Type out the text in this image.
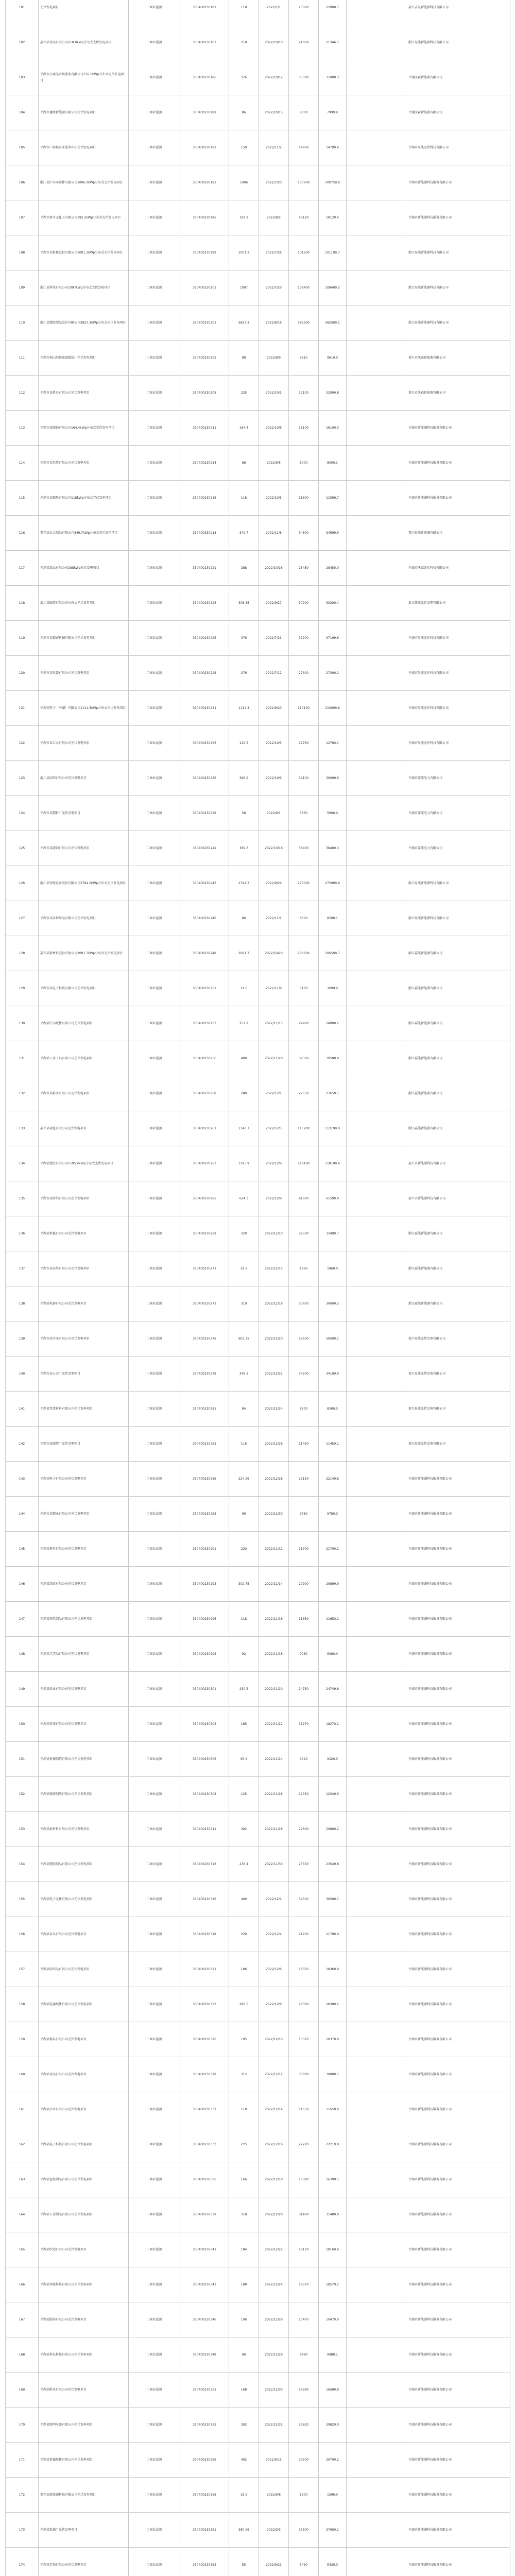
101	光伏发电项目	工商业屋顶	330400230181	118	2022/7/1	23000	22000.1		嘉兴吉民新能源科技有限公司
102	嘉兴某食品有限公司218.0kWp分布式光伏发电项目	工商业屋顶	330400230162	218	2022/10/10	21860	21346.1		浙江易能新能源科技有限公司
103	平湖市小商品市场服务有限公司376.0kWp分布式光伏发电项目	工商业屋顶	330400230186	376	2022/10/12	35000	35000.3		平湖沃森新能源有限公司
104	平湖市德胜新能源有限公司光伏发电项目	工商业屋顶	330400230188	86	2022/10/15	8000	7999.9		平湖沃森新能源有限公司
105	平湖市广陈镇农业服务中心光伏发电项目	工商业屋顶	330400230191	150	2022/11/2	14800	14799.6		平湖市易能光伏科技有限公司
106	浙江某汽车零部件有限公司1006.0kWp分布式光伏发电项目	工商业屋顶	330400230193	1006	2022/7/20	100760	100759.8		平湖市新能源科技服务有限公司
107	平湖市新开元化工有限公司192.2kWp分布式光伏发电项目	工商业屋顶	330400230196	192.2	2022/8/2	18120	18120.4		平湖市新能源科技服务有限公司
108	平湖市某机械股份有限公司1001.3kWp分布式光伏发电项目	工商业屋顶	330400230199	1001.3	2022/7/28	101200	101199.7		浙江易能新能源科技有限公司
109	浙江某科技有限公司1097kWp分布式光伏发电项目	工商业屋顶	330400230201	1097	2022/7/29	108400	108400.2		浙江易能新能源科技有限公司
110	浙江某塑胶制品股份有限公司5827.3kWp分布式光伏发电项目	工商业屋顶	330400230203	5827.3	2022/8/18	582500	582500.1		浙江易能新能源科技有限公司
111	平湖市独山港镇嘉盛服装厂光伏发电项目	工商业屋顶	330400230205	98	2022/8/9	9610	9610.0		嘉兴市沃森新能源有限公司
112	平湖市某机电有限公司光伏发电项目	工商业屋顶	330400230208	225	2022/10/1	22100	22099.8		嘉兴市沃森新能源有限公司
113	平湖市某服饰有限公司164.4kWp分布式光伏发电项目	工商业屋顶	330400230211	164.4	2022/10/8	16100	16100.3		平湖市新能源科技服务有限公司
114	平湖市某包装有限公司光伏发电项目	工商业屋顶	330400230214	86	2022/9/5	8000	8000.1		平湖市新能源科技服务有限公司
115	平湖市某箱包有限公司118kWp分布式光伏发电项目	工商业屋顶	330400230216	118	2022/10/5	11600	11599.7		平湖市新能源科技服务有限公司
116	嘉兴某五金制品有限公司349.7kWp分布式光伏发电项目	工商业屋顶	330400230218	349.7	2022/11/8	34600	34599.9		嘉兴易能新能源有限公司
117	平湖某纸品有限公司288kWp光伏发电项目	工商业屋顶	330400230221	288	2022/10/26	28450	28450.0		平湖市沃森光伏科技有限公司
118	浙江某服装有限公司分布式光伏发电项目	工商业屋顶	330400230223	306.35	2022/9/27	30200	30200.4		浙江嘉能光伏发电有限公司
119	平湖市某精密机械有限公司光伏发电项目	工商业屋顶	330400230226	376	2022/7/21	37200	37199.8		平湖市易能光伏科技有限公司
120	平湖市某电器有限公司光伏发电项目	工商业屋顶	330400230228	276	2022/7/12	27300	27300.2		平湖市易能光伏科技有限公司
121	平湖某电子（平湖）有限公司1114.3kWp分布式光伏发电项目	工商业屋顶	330400230231	1114.3	2022/9/20	110100	110099.6		平湖市易能光伏科技有限公司
122	平湖市某五金有限公司光伏发电项目	工商业屋顶	330400230233	129.5	2022/10/5	12760	12760.1		平湖市易能光伏科技有限公司
123	浙江某纺织有限公司光伏发电项目	工商业屋顶	330400230236	396.2	2022/10/9	39100	39099.9		平湖市嘉能电力有限公司
124	平湖市某塑料厂光伏发电项目	工商业屋顶	330400230238	58	2022/9/1	5660	5660.0		平湖市嘉能电力有限公司
125	平湖市某服饰有限公司光伏发电项目	工商业屋顶	330400230241	389.3	2022/10/16	38400	38400.3		平湖市嘉能电力有限公司
126	浙江某智能设备股份有限公司2794.2kWp分布式光伏发电项目	工商业屋顶	330400230243	2794.2	2022/9/29	276000	275999.8		浙江易能新能源科技有限公司
127	平湖市某家居用品有限公司光伏发电项目	工商业屋顶	330400230246	86	2022/11/1	8500	8500.1		浙江易能新能源科技有限公司
128	嘉兴某新材料股份有限公司2091.7kWp分布式光伏发电项目	工商业屋顶	330400230248	2091.7	2022/10/20	206600	206599.7		浙江嘉能新能源有限公司
129	平湖市某电子科技有限公司光伏发电项目	工商业屋顶	330400230251	31.6	2022/11/8	3100	3099.9		浙江嘉能新能源有限公司
130	平湖某汽车配件有限公司光伏发电项目	工商业屋顶	330400230253	252.2	2022/11/15	24900	24900.2		浙江嘉能新能源有限公司
131	平湖某五金工具有限公司光伏发电项目	工商业屋顶	330400230256	400	2022/11/20	39500	39500.0		浙江嘉能新能源有限公司
132	平湖市某鞋业有限公司光伏发电项目	工商业屋顶	330400230258	280	2022/12/1	27650	27650.1		浙江嘉能新能源有限公司
133	嘉兴某箱包有限公司光伏发电项目	工商业屋顶	330400230261	1146.7	2022/12/5	113200	113199.8		浙江嘉能新能源有限公司
134	平湖某塑胶有限公司1195.9kWp分布式光伏发电项目	工商业屋顶	330400230263	1195.9	2022/12/6	118100	118100.4		嘉兴市新能源科技有限公司
135	平湖市某纺织有限公司光伏发电项目	工商业屋顶	330400230266	624.3	2022/12/8	61600	61599.9		嘉兴市新能源科技有限公司
136	平湖某机械有限公司光伏发电项目	工商业屋顶	330400230268	329	2022/12/10	32500	32499.7		浙江嘉能新能源有限公司
137	平湖市某家纺有限公司光伏发电项目	工商业屋顶	330400230271	18.9	2022/12/15	1860	1860.0		浙江嘉能新能源有限公司
138	平湖某电器有限公司光伏发电项目	工商业屋顶	330400230273	310	2022/12/18	30600	30600.2		浙江嘉能新能源有限公司
139	平湖市某实业有限公司光伏发电项目	工商业屋顶	330400230276	602.35	2022/12/20	59500	59500.1		嘉兴易能光伏发电有限公司
140	平湖市某五金厂光伏发电项目	工商业屋顶	330400230278	346.3	2022/12/22	34200	34199.9		嘉兴易能光伏发电有限公司
141	平湖某包装材料有限公司光伏发电项目	工商业屋顶	330400230281	84	2022/12/24	8300	8300.0		嘉兴易能光伏发电有限公司
142	平湖市某服装厂光伏发电项目	工商业屋顶	330400230283	116	2022/12/26	11450	11450.1		嘉兴易能光伏发电有限公司
143	平湖某电子有限公司光伏发电项目	工商业屋顶	330400230286	224.36	2022/12/28	22150	22149.8		平湖市新能源科技服务有限公司
144	平湖市某塑业有限公司光伏发电项目	工商业屋顶	330400230288	99	2022/12/30	9780	9780.0		平湖市新能源科技服务有限公司
145	平湖某机电有限公司光伏发电项目	工商业屋顶	330400230291	220	2022/11/12	21700	21700.2		平湖市新能源科技服务有限公司
146	平湖某制衣有限公司光伏发电项目	工商业屋顶	330400230293	302.75	2022/11/14	29900	29899.9		平湖市新能源科技服务有限公司
147	平湖某箱包制品有限公司光伏发电项目	工商业屋顶	330400230296	118	2022/11/16	11650	11650.1		平湖市新能源科技服务有限公司
148	平湖某工艺品有限公司光伏发电项目	工商业屋顶	330400230298	92	2022/11/18	9080	9080.0		平湖市新能源科技服务有限公司
149	平湖某纸业有限公司光伏发电项目	工商业屋顶	330400230301	250.5	2022/11/20	24750	24749.8		平湖市新能源科技服务有限公司
150	平湖某科技有限公司光伏发电项目	工商业屋顶	330400230303	185	2022/11/22	18270	18270.1		平湖市新能源科技服务有限公司
151	平湖某机械制造有限公司光伏发电项目	工商业屋顶	330400230306	95.4	2022/11/24	9420	9420.0		平湖市新能源科技服务有限公司
152	平湖某精密制造有限公司光伏发电项目	工商业屋顶	330400230308	125	2022/11/26	12350	12349.9		平湖市新能源科技服务有限公司
153	平湖某新材料有限公司光伏发电项目	工商业屋顶	330400230311	302	2022/11/28	29800	29800.2		平湖市新能源科技服务有限公司
154	平湖某塑胶制品有限公司光伏发电项目	工商业屋顶	330400230313	238.4	2022/11/30	23550	23549.8		平湖市新能源科技服务有限公司
155	平湖某电子元件有限公司光伏发电项目	工商业屋顶	330400230316	400	2022/12/2	39500	39500.1		平湖市新能源科技服务有限公司
156	平湖某家具有限公司光伏发电项目	工商业屋顶	330400230318	220	2022/12/4	21700	21700.0		平湖市新能源科技服务有限公司
157	平湖某纺织品有限公司光伏发电项目	工商业屋顶	330400230321	186	2022/12/6	18370	18369.9		平湖市新能源科技服务有限公司
158	平湖某电器配件有限公司光伏发电项目	工商业屋顶	330400230323	286.5	2022/12/8	28300	28300.2		平湖市新能源科技服务有限公司
159	平湖某模具有限公司光伏发电项目	工商业屋顶	330400230326	105	2022/12/10	10370	10370.0		平湖市新能源科技服务有限公司
160	平湖某食品有限公司光伏发电项目	工商业屋顶	330400230328	312	2022/12/12	30800	30800.1		平湖市新能源科技服务有限公司
161	平湖某实业有限公司光伏发电项目	工商业屋顶	330400230331	118	2022/12/14	11650	11650.0		平湖市新能源科技服务有限公司
162	平湖某电子科技有限公司光伏发电项目	工商业屋顶	330400230333	225	2022/12/16	22220	22219.8		平湖市新能源科技服务有限公司
163	平湖某包装制品有限公司光伏发电项目	工商业屋顶	330400230336	166	2022/12/18	16390	16390.1		平湖市新能源科技服务有限公司
164	平湖某五金制品有限公司光伏发电项目	工商业屋顶	330400230338	318	2022/12/20	31400	31400.0		平湖市新能源科技服务有限公司
165	平湖某织造有限公司光伏发电项目	工商业屋顶	330400230341	184	2022/12/22	18170	18169.9		平湖市新能源科技服务有限公司
166	平湖某智能科技有限公司光伏发电项目	工商业屋顶	330400230343	188	2022/12/24	18570	18570.2		平湖市新能源科技服务有限公司
167	平湖某服饰有限公司光伏发电项目	工商业屋顶	330400230346	106	2022/12/26	10470	10470.0		平湖市新能源科技服务有限公司
168	平湖某机电科技有限公司光伏发电项目	工商业屋顶	330400230348	96	2022/12/28	9480	9480.1		平湖市新能源科技服务有限公司
169	平湖某鞋业有限公司光伏发电项目	工商业屋顶	330400230351	168	2022/12/30	16590	16589.8		平湖市新能源科技服务有限公司
170	平湖某照明电器有限公司光伏发电项目	工商业屋顶	330400230353	302	2022/12/31	29820	29820.0		平湖市新能源科技服务有限公司
171	平湖某机械配件有限公司光伏发电项目	工商业屋顶	330400230356	402	2022/9/15	39700	39700.2		平湖市新能源科技服务有限公司
172	嘉兴某新能源科技有限公司光伏发电项目	工商业屋顶	330400230358	16.2	2022/9/8	1600	1599.9		平湖市新能源科技服务有限公司
173	平湖某纸箱厂光伏发电项目	工商业屋顶	330400230361	380.96	2022/9/3	37600	37600.1		平湖市新能源科技服务有限公司
174	平湖某灯饰有限公司光伏发电项目	工商业屋顶	330400230363	55	2022/9/22	5430	5430.0		平湖市新能源科技服务有限公司
